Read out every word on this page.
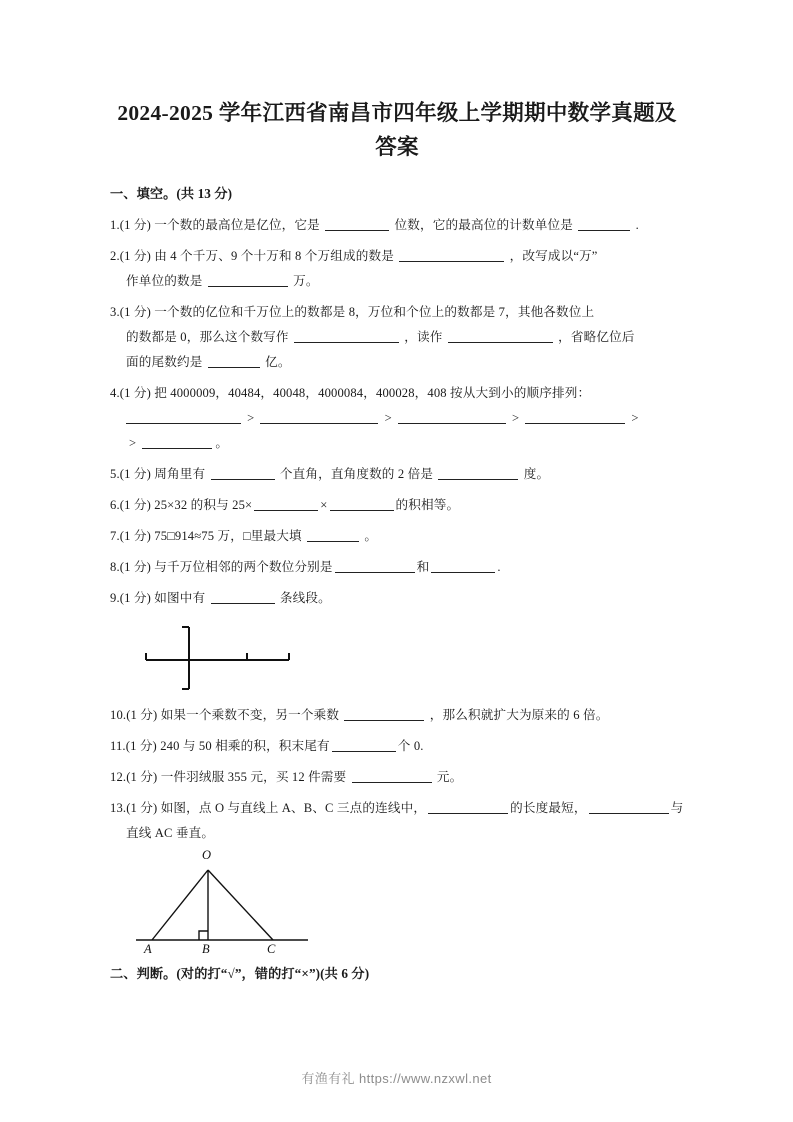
2024-2025 学年江西省南昌市四年级上学期期中数学真题及
答案
一、填空。(共 13 分)
1.(1 分) 一个数的最高位是亿位，它是	位数，它的最高位的计数单位是	.
2.(1 分) 由 4 个千万、9 个十万和 8 个万组成的数是	，改写成以“万”
作单位的数是	万。
3.(1 分) 一个数的亿位和千万位上的数都是 8，万位和个位上的数都是 7，其他各数位上
的数都是 0，那么这个数写作	，读作	，省略亿位后
面的尾数约是	亿。
4.(1 分) 把 4000009，40484，40048，4000084，400028，408 按从大到小的顺序排列：
>	>	>	>
>	。
5.(1 分) 周角里有	个直角，直角度数的 2 倍是	度。
6.(1 分) 25×32 的积与 25×	×	的积相等。
7.(1 分) 75□914≈75 万，□里最大填	。
8.(1 分) 与千万位相邻的两个数位分别是	和	.
9.(1 分) 如图中有	条线段。
10.(1 分) 如果一个乘数不变，另一个乘数	，那么积就扩大为原来的 6 倍。
11.(1 分) 240 与 50 相乘的积，积末尾有	个 0.
12.(1 分) 一件羽绒服 355 元，买 12 件需要	元。
13.(1 分) 如图，点 O 与直线上 A、B、C 三点的连线中，	的长度最短，	与
直线 AC 垂直。
O
A	B	C
二、判断。(对的打“√”，错的打“×”)(共 6 分)
有渔有礼 https://www.nzxwl.net
